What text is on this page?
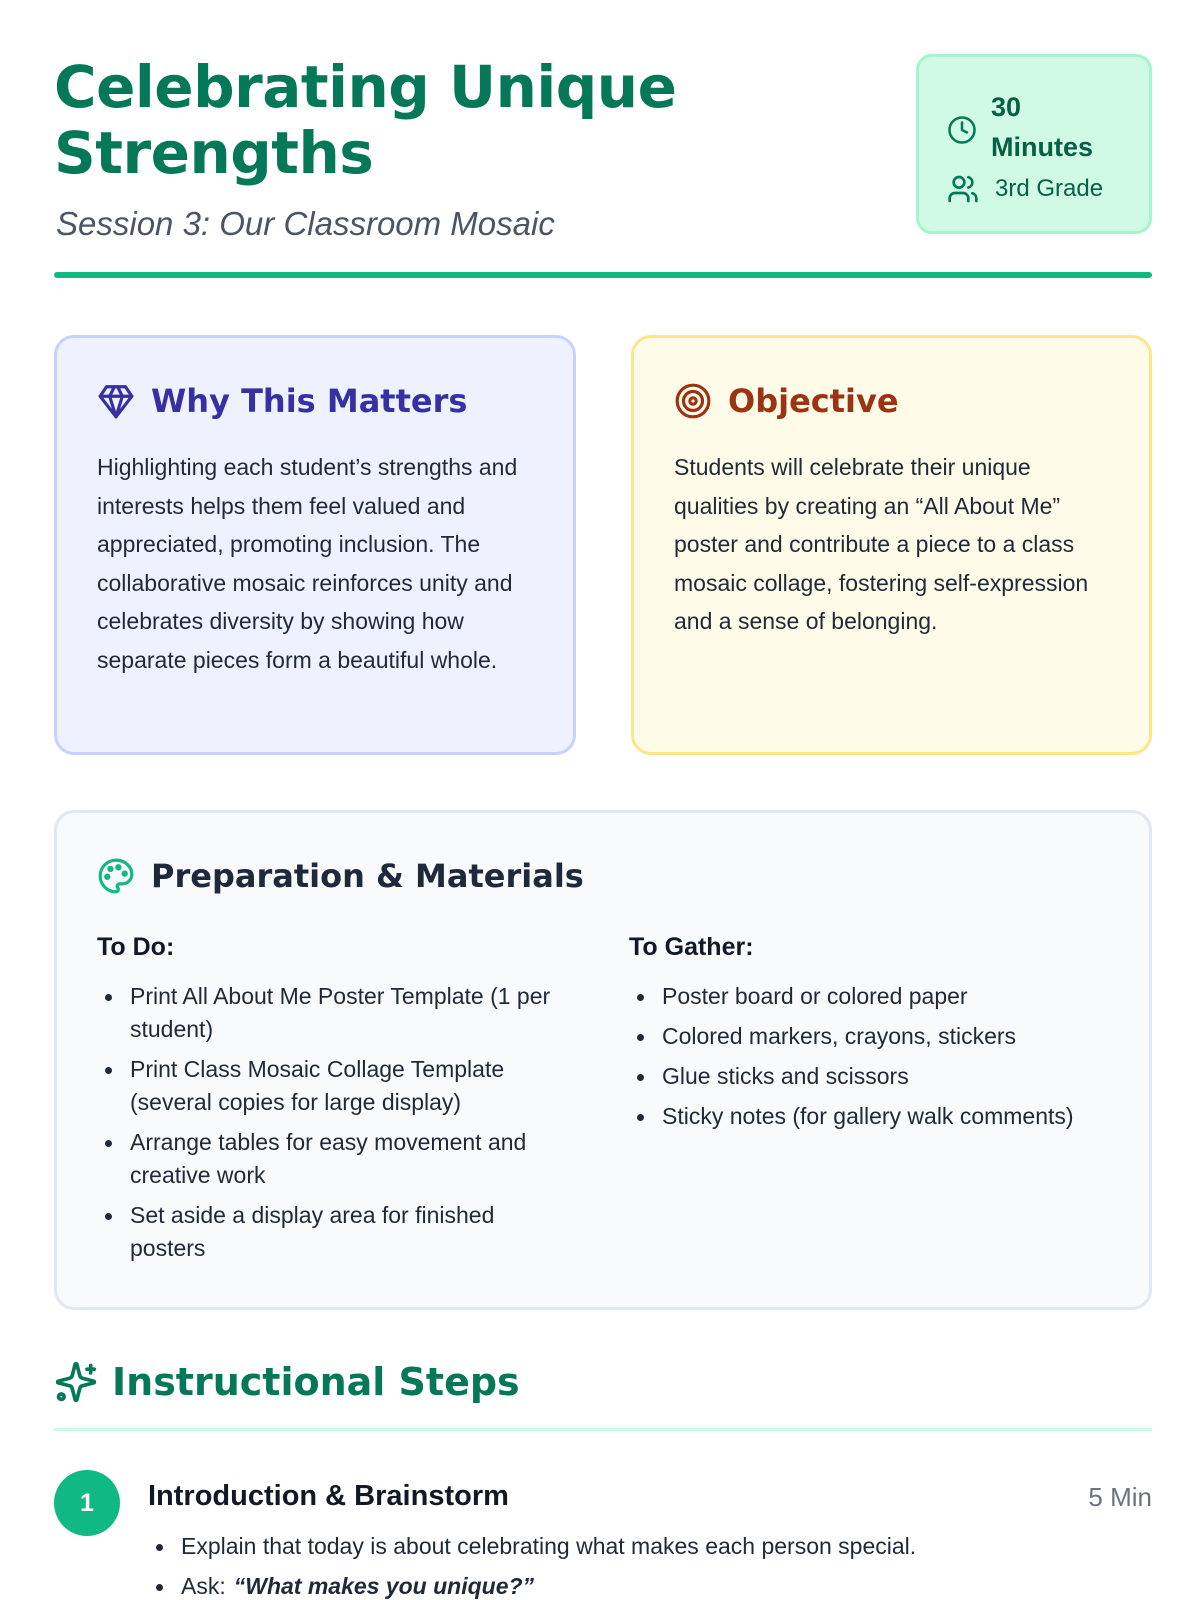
Celebrating Unique Strengths
Session 3: Our Classroom Mosaic
30 Minutes
3rd Grade
Why This Matters

Highlighting each student’s strengths and interests helps them feel valued and appreciated, promoting inclusion. The collaborative mosaic reinforces unity and celebrates diversity by showing how separate pieces form a beautiful whole.

Objective

Students will celebrate their unique qualities by creating an “All About Me” poster and contribute a piece to a class mosaic collage, fostering self-expression and a sense of belonging.

Preparation & Materials
To Do:
Print All About Me Poster Template (1 per student)
Print Class Mosaic Collage Template (several copies for large display)
Arrange tables for easy movement and creative work
Set aside a display area for finished posters
To Gather:
Poster board or colored paper
Colored markers, crayons, stickers
Glue sticks and scissors
Sticky notes (for gallery walk comments)
Instructional Steps
1	Introduction & Brainstorm	5 Min
Explain that today is about celebrating what makes each person special.
Ask: “What makes you unique?”
